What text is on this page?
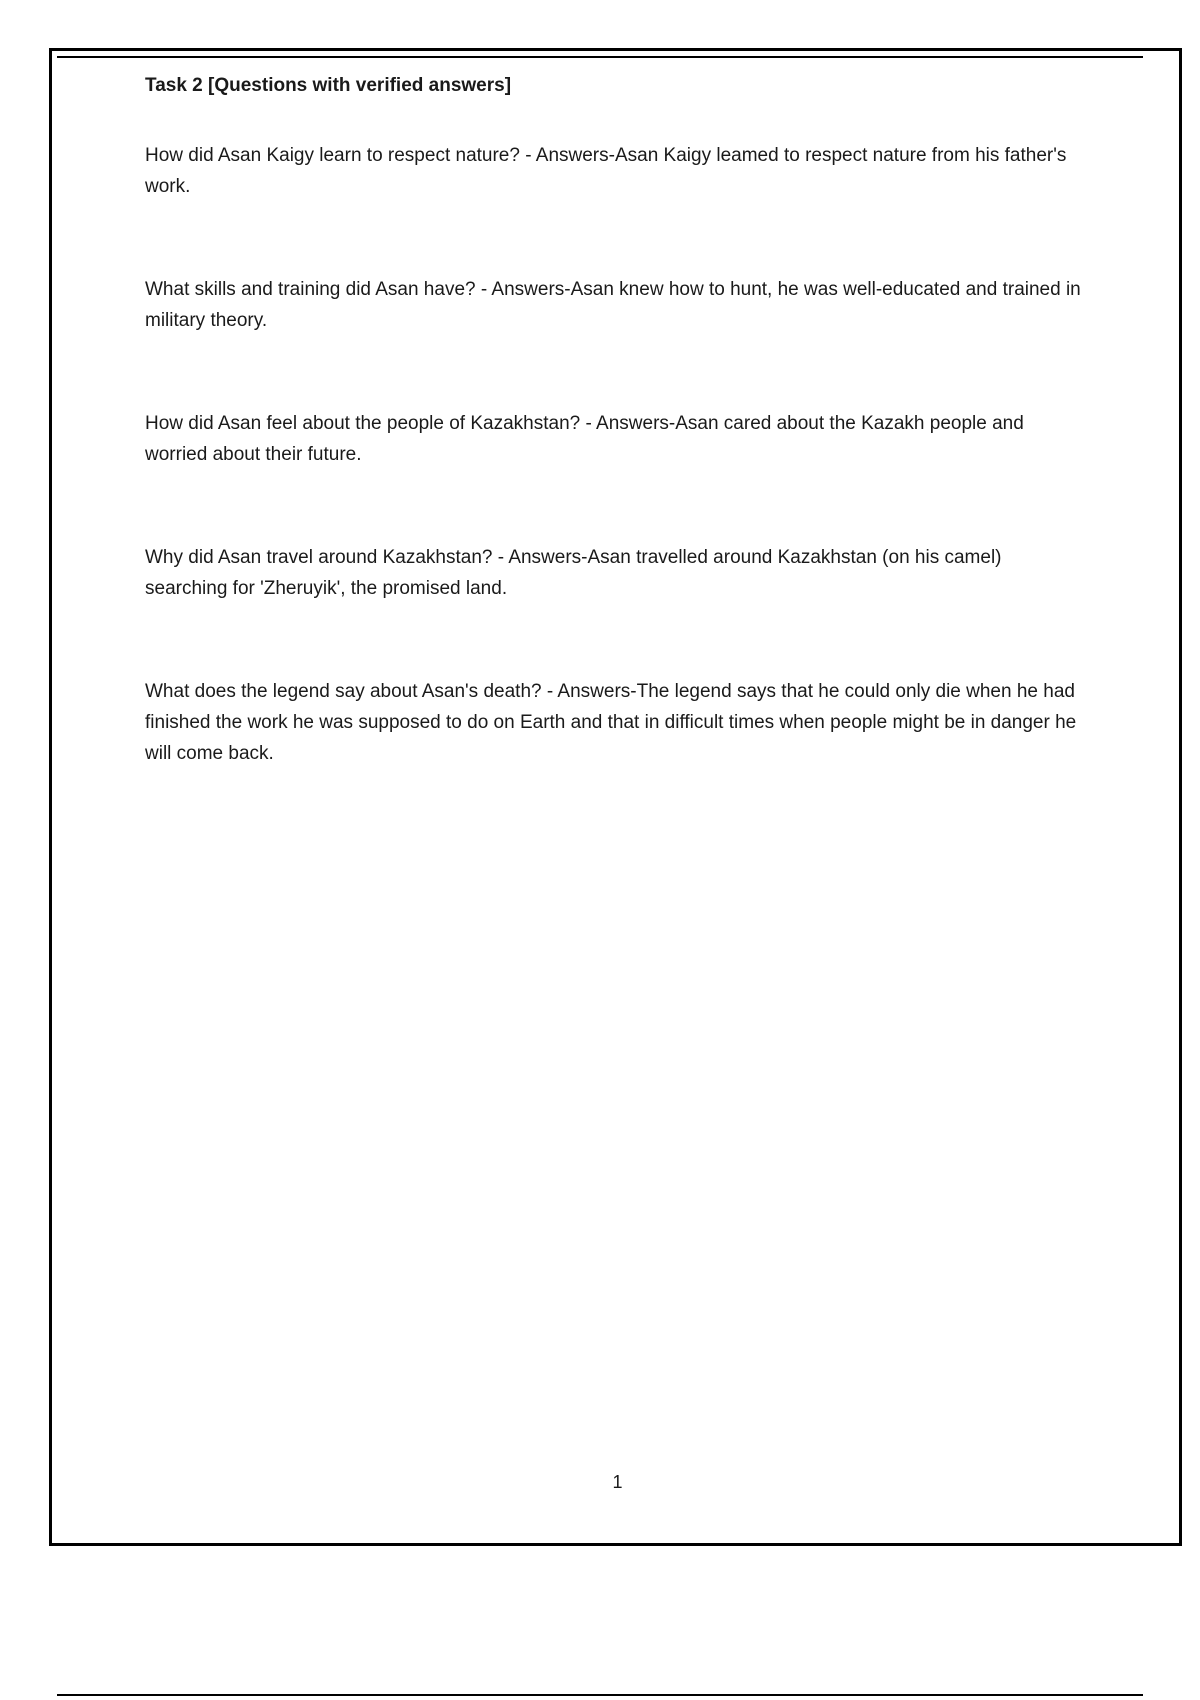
Task 2 [Questions with verified answers]

How did Asan Kaigy learn to respect nature? - Answers-Asan Kaigy leamed to respect nature from his father's work.

What skills and training did Asan have? - Answers-Asan knew how to hunt, he was well-educated and trained in military theory.

How did Asan feel about the people of Kazakhstan? - Answers-Asan cared about the Kazakh people and worried about their future.

Why did Asan travel around Kazakhstan? - Answers-Asan travelled around Kazakhstan (on his camel) searching for 'Zheruyik', the promised land.

What does the legend say about Asan's death? - Answers-The legend says that he could only die when he had finished the work he was supposed to do on Earth and that in difficult times when people might be in danger he will come back.

1
